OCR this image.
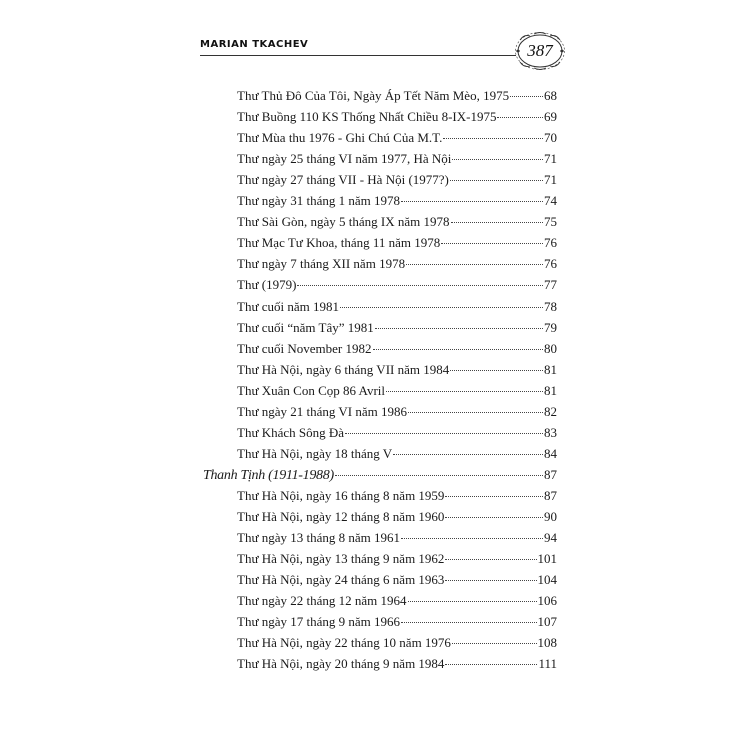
MARIAN TKACHEV	387
Thư Thủ Đô Của Tôi, Ngày Áp Tết Năm Mèo, 1975	68
Thư Buồng 110 KS Thống Nhất Chiều 8-IX-1975	69
Thư Mùa thu 1976 - Ghi Chú Của M.T.	70
Thư ngày 25 tháng VI năm 1977, Hà Nội	71
Thư ngày 27 tháng VII - Hà Nội (1977?)	71
Thư ngày 31 tháng 1 năm 1978	74
Thư Sài Gòn, ngày 5 tháng IX năm 1978	75
Thư Mạc Tư Khoa, tháng 11 năm 1978	76
Thư ngày 7 tháng XII năm 1978	76
Thư (1979)	77
Thư cuối năm 1981	78
Thư cuối “năm Tây” 1981	79
Thư cuối November 1982	80
Thư Hà Nội, ngày 6 tháng VII năm 1984	81
Thư Xuân Con Cọp 86 Avril	81
Thư ngày 21 tháng VI năm 1986	82
Thư Khách Sông Đà	83
Thư Hà Nội, ngày 18 tháng V	84
Thanh Tịnh (1911-1988)	87
Thư Hà Nội, ngày 16 tháng 8 năm 1959	87
Thư Hà Nội, ngày 12 tháng 8 năm 1960	90
Thư ngày 13 tháng 8 năm 1961	94
Thư Hà Nội, ngày 13 tháng 9 năm 1962	101
Thư Hà Nội, ngày 24 tháng 6 năm 1963	104
Thư ngày 22 tháng 12 năm 1964	106
Thư ngày 17 tháng 9 năm 1966	107
Thư Hà Nội, ngày 22 tháng 10 năm 1976	108
Thư Hà Nội, ngày 20 tháng 9 năm 1984	111
